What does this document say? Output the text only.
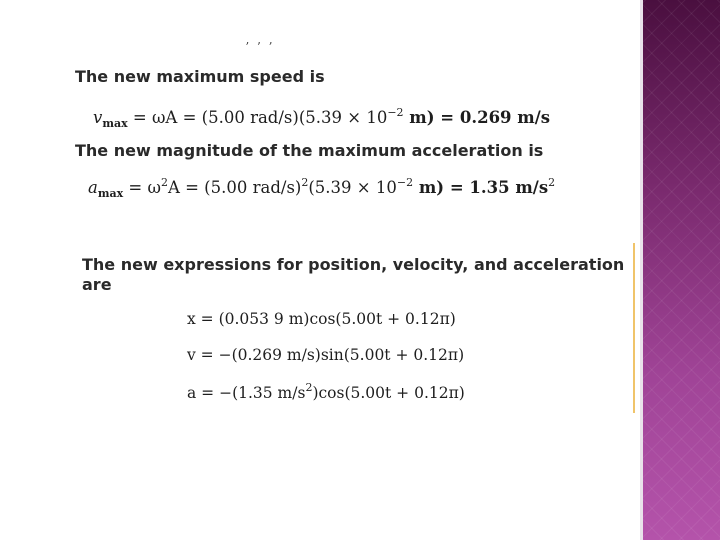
ʼ ʼ ʼ
The new maximum speed is
$v_{max} = \omega A = (5.00$ $rad/s)(5.39 \times 10^{-2}$ m) = 0.269 m/s
The new magnitude of the maximum acceleration is
$a_{max} = \omega^2A = (5.00$ $rad/s)^2(5.39 \times 10^{-2}$ m) = 1.35 $m/s^2$
The new expressions for position, velocity, and acceleration are
x = (0.053 9 m)cos(5.00t + 0.12π)
v = −(0.269 m/s)sin(5.00t + 0.12π)
a = −(1.35 $m/s^2)\cos(5.00t + 0.12\pi)$
